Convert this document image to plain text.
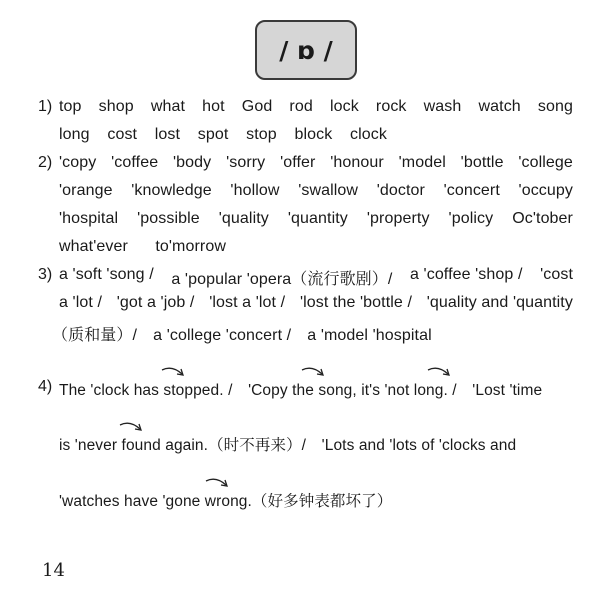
/ ɒ /
1) top shop what hot God rod lock rock wash watch song
long cost lost spot stop block clock
2) 'copy 'coffee 'body 'sorry 'offer 'honour 'model 'bottle 'college
'orange 'knowledge 'hollow 'swallow 'doctor 'concert 'occupy
'hospital 'possible 'quality 'quantity 'property 'policy Oc'tober
what'ever to'morrow
3) a 'soft 'song / a 'popular 'opera（流行歌剧）/ a 'coffee 'shop / 'cost
a 'lot / 'got a 'job / 'lost a 'lot / 'lost the 'bottle / 'quality and 'quantity
（质和量）/　a 'college 'concert /　a 'model 'hospital
4) The 'clock has stopped. /　'Copy the song, it's 'not long. /　'Lost 'time
is 'never found again.（时不再来）/　'Lots and 'lots of 'clocks and
'watches have 'gone wrong.（好多钟表都坏了）
14
